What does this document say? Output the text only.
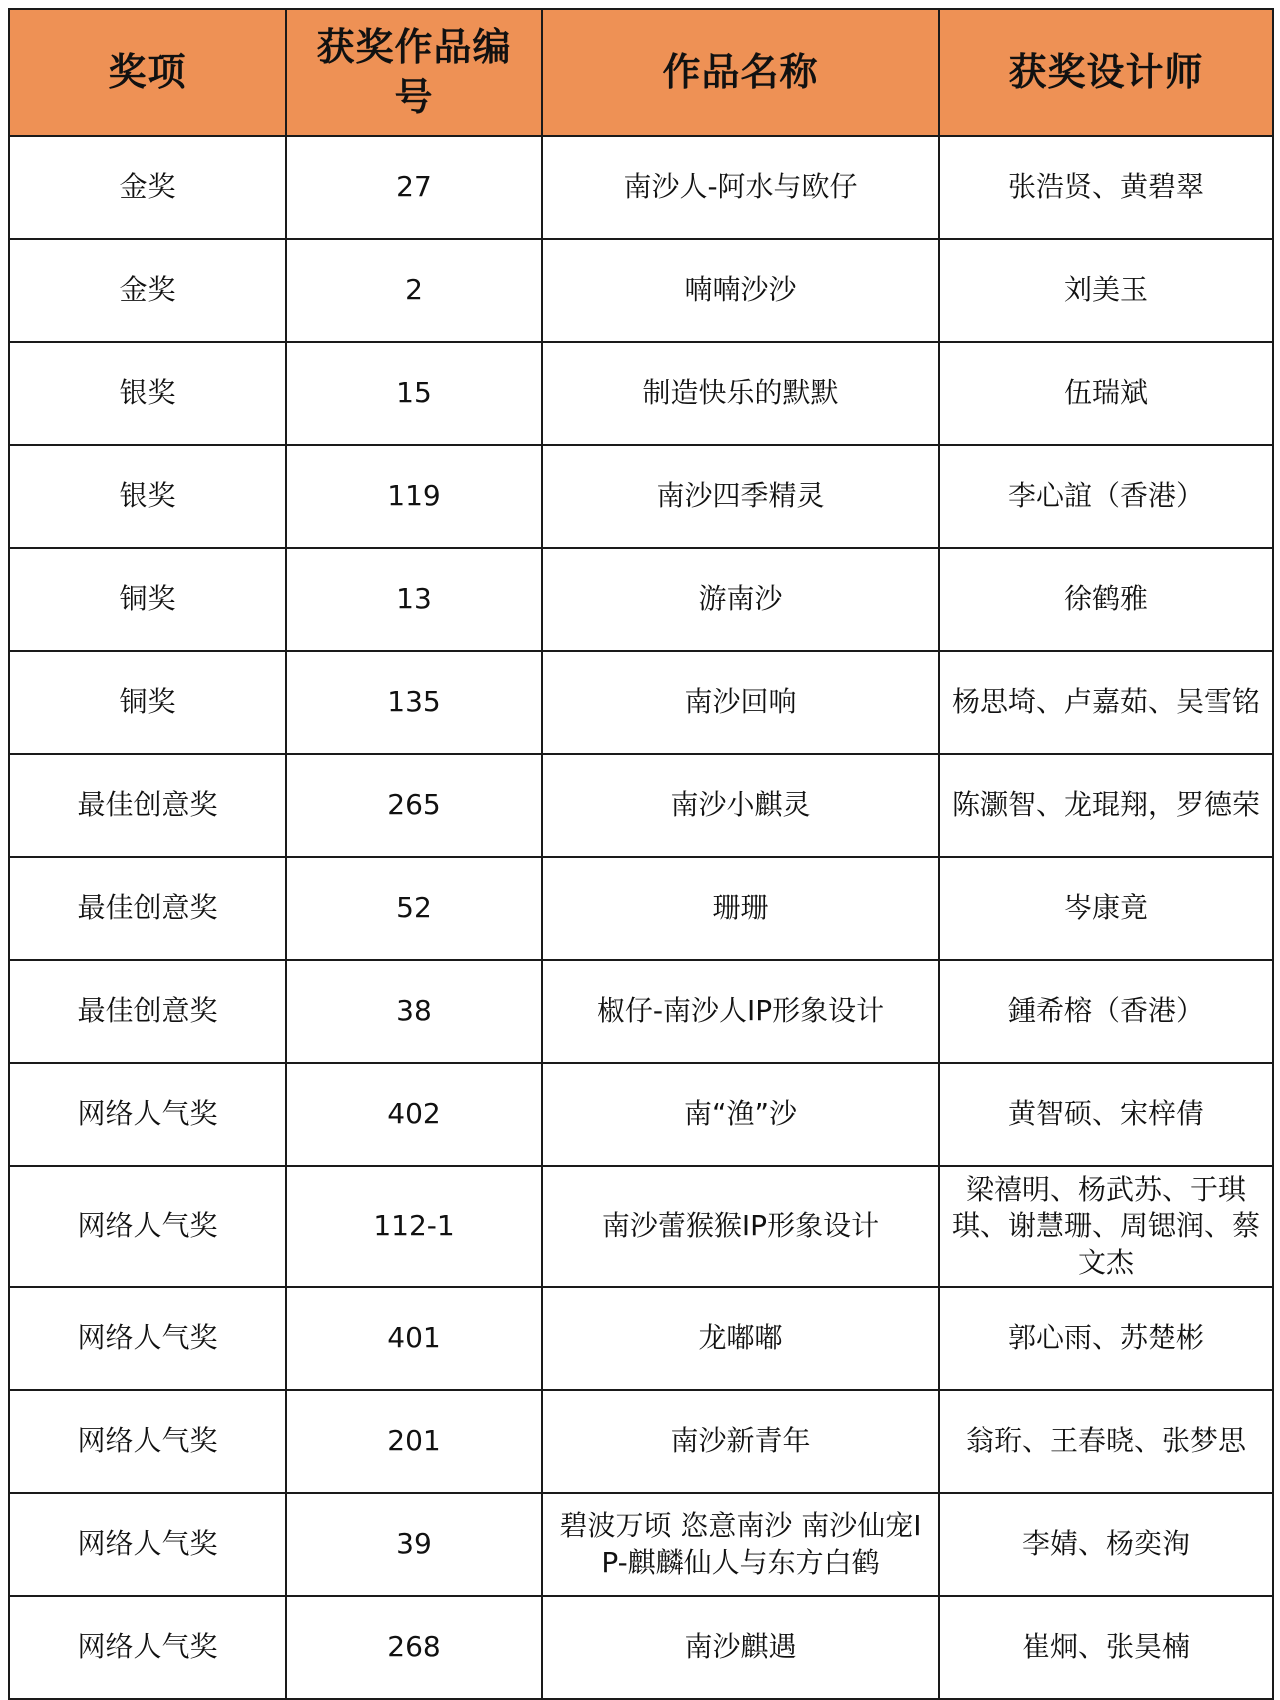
奖项	获奖作品编号	作品名称	获奖设计师
金奖	27	南沙人-阿水与欧仔	张浩贤、黄碧翠
金奖	2	喃喃沙沙	刘美玉
银奖	15	制造快乐的默默	伍瑞斌
银奖	119	南沙四季精灵	李心誼（香港）
铜奖	13	游南沙	徐鹤雅
铜奖	135	南沙回响	杨思埼、卢嘉茹、吴雪铭
最佳创意奖	265	南沙小麒灵	陈灏智、龙琨翔，罗德荣
最佳创意奖	52	珊珊	岑康竟
最佳创意奖	38	椒仔-南沙人IP形象设计	鍾希榕（香港）
网络人气奖	402	南“渔”沙	黄智硕、宋梓倩
网络人气奖	112-1	南沙蕾猴猴IP形象设计	梁禧明、杨武苏、于琪琪、谢慧珊、周锶润、蔡文杰
网络人气奖	401	龙嘟嘟	郭心雨、苏楚彬
网络人气奖	201	南沙新青年	翁珩、王春晓、张梦思
网络人气奖	39	碧波万顷 恣意南沙 南沙仙宠IP-麒麟仙人与东方白鹤	李婧、杨奕洵
网络人气奖	268	南沙麒遇	崔炯、张昊楠
